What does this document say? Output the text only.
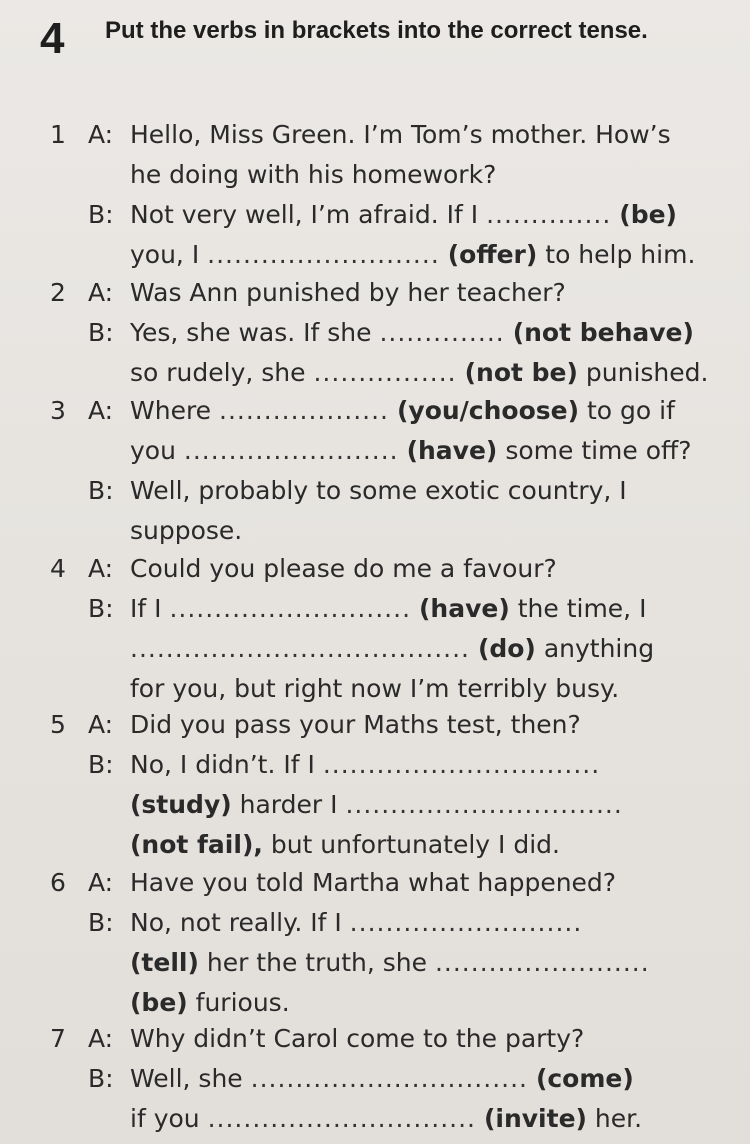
4 Put the verbs in brackets into the correct tense.
1 A: Hello, Miss Green. I’m Tom’s mother. How’s
he doing with his homework?
B: Not very well, I’m afraid. If I .............. (be)
you, I .......................... (offer) to help him.
2 A: Was Ann punished by her teacher?
B: Yes, she was. If she .............. (not behave)
so rudely, she ................ (not be) punished.
3 A: Where ................... (you/choose) to go if
you ........................ (have) some time off?
B: Well, probably to some exotic country, I
suppose.
4 A: Could you please do me a favour?
B: If I ........................... (have) the time, I
...................................... (do) anything
for you, but right now I’m terribly busy.
5 A: Did you pass your Maths test, then?
B: No, I didn’t. If I ...............................
(study) harder I ...............................
(not fail), but unfortunately I did.
6 A: Have you told Martha what happened?
B: No, not really. If I ..........................
(tell) her the truth, she ........................
(be) furious.
7 A: Why didn’t Carol come to the party?
B: Well, she ............................... (come)
if you .............................. (invite) her.
